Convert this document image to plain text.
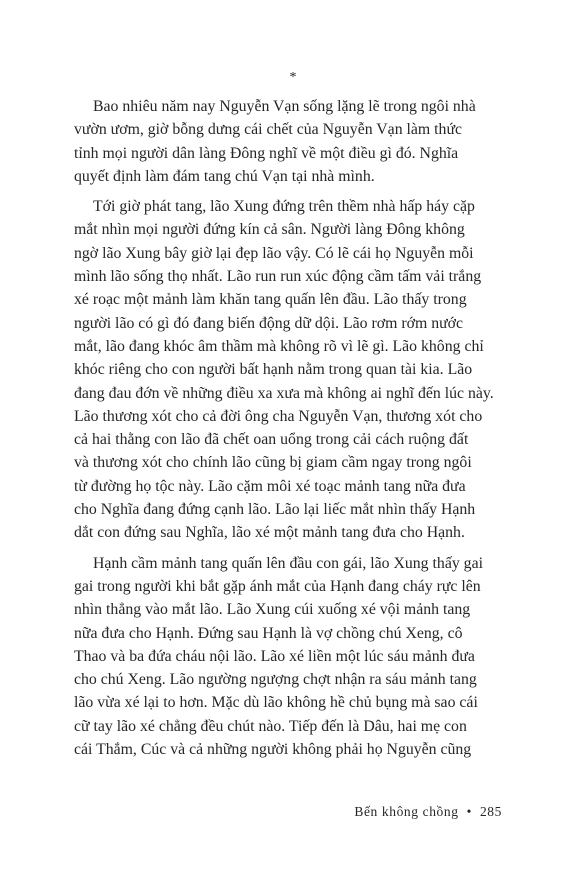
*

Bao nhiêu năm nay Nguyễn Vạn sống lặng lẽ trong ngôi nhà
vườn ươm, giờ bỗng dưng cái chết của Nguyễn Vạn làm thức
tỉnh mọi người dân làng Đông nghĩ về một điều gì đó. Nghĩa
quyết định làm đám tang chú Vạn tại nhà mình.

Tới giờ phát tang, lão Xung đứng trên thềm nhà hấp háy cặp
mắt nhìn mọi người đứng kín cả sân. Người làng Đông không
ngờ lão Xung bây giờ lại đẹp lão vậy. Có lẽ cái họ Nguyễn mỗi
mình lão sống thọ nhất. Lão run run xúc động cầm tấm vải trắng
xé roạc một mảnh làm khăn tang quấn lên đầu. Lão thấy trong
người lão có gì đó đang biến động dữ dội. Lão rơm rớm nước
mắt, lão đang khóc âm thầm mà không rõ vì lẽ gì. Lão không chỉ
khóc riêng cho con người bất hạnh nằm trong quan tài kia. Lão
đang đau đớn về những điều xa xưa mà không ai nghĩ đến lúc này.
Lão thương xót cho cả đời ông cha Nguyễn Vạn, thương xót cho
cả hai thằng con lão đã chết oan uổng trong cải cách ruộng đất
và thương xót cho chính lão cũng bị giam cầm ngay trong ngôi
từ đường họ tộc này. Lão cặm môi xé toạc mảnh tang nữa đưa
cho Nghĩa đang đứng cạnh lão. Lão lại liếc mắt nhìn thấy Hạnh
dắt con đứng sau Nghĩa, lão xé một mảnh tang đưa cho Hạnh.

Hạnh cầm mảnh tang quấn lên đầu con gái, lão Xung thấy gai
gai trong người khi bắt gặp ánh mắt của Hạnh đang cháy rực lên
nhìn thẳng vào mắt lão. Lão Xung cúi xuống xé vội mảnh tang
nữa đưa cho Hạnh. Đứng sau Hạnh là vợ chồng chú Xeng, cô
Thao và ba đứa cháu nội lão. Lão xé liền một lúc sáu mảnh đưa
cho chú Xeng. Lão ngường ngượng chợt nhận ra sáu mảnh tang
lão vừa xé lại to hơn. Mặc dù lão không hề chủ bụng mà sao cái
cữ tay lão xé chẳng đều chút nào. Tiếp đến là Dâu, hai mẹ con
cái Thắm, Cúc và cả những người không phải họ Nguyễn cũng

Bến không chồng • 285
